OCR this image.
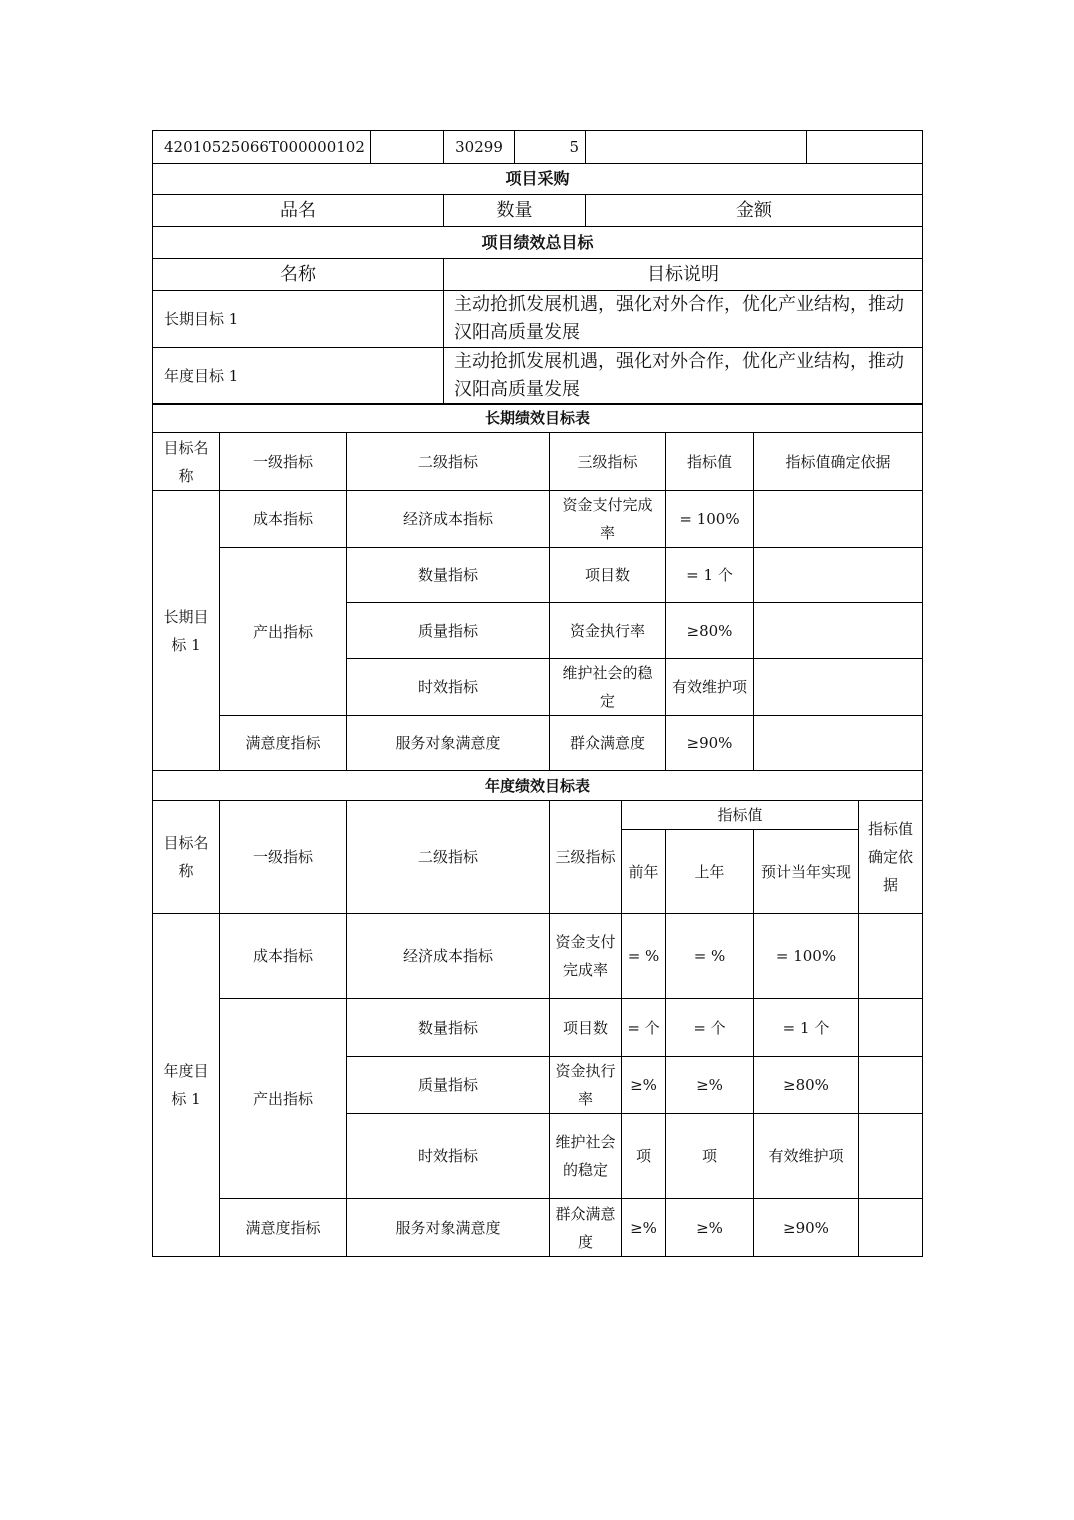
42010525066T000000102		30299	5		
项目采购					
品名		数量		金额	
项目绩效总目标					
名称		目标说明			
长期目标 1		主动抢抓发展机遇，强化对外合作，优化产业结构，推动汉阳高质量发展			
年度目标 1		主动抢抓发展机遇，强化对外合作，优化产业结构，推动汉阳高质量发展			
长期绩效目标表					
目标名称	一级指标	二级指标	三级指标	指标值	指标值确定依据
长期目标 1	成本指标	经济成本指标	资金支付完成率	= 100%	
	产出指标	数量指标	项目数	= 1 个	
		质量指标	资金执行率	≥80%	
		时效指标	维护社会的稳定	有效维护项	
	满意度指标	服务对象满意度	群众满意度	≥90%	
年度绩效目标表							
目标名称	一级指标	二级指标	三级指标	指标值			指标值确定依据
				前年	上年	预计当年实现	
年度目标 1	成本指标	经济成本指标	资金支付完成率	= %	= %	= 100%	
	产出指标	数量指标	项目数	= 个	= 个	= 1 个	
		质量指标	资金执行率	≥%	≥%	≥80%	
		时效指标	维护社会的稳定	项	项	有效维护项	
	满意度指标	服务对象满意度	群众满意度	≥%	≥%	≥90%	
